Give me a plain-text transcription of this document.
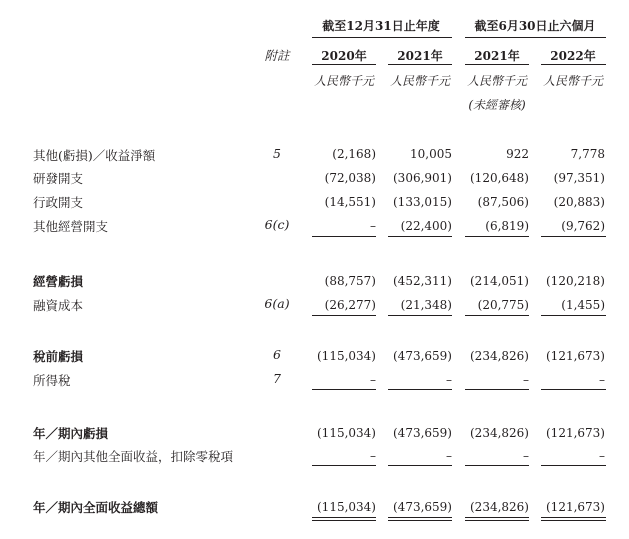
截至12月31日止年度	截至6月30日止六個月
附註	2020年	2021年	2021年	2022年
人民幣千元	人民幣千元	人民幣千元	人民幣千元
(未經審核)
其他(虧損)／收益淨額	5	(2,168)	10,005	922	7,778
研發開支	(72,038)	(306,901)	(120,648)	(97,351)
行政開支	(14,551)	(133,015)	(87,506)	(20,883)
其他經營開支	6(c)	–	(22,400)	(6,819)	(9,762)
經營虧損	(88,757)	(452,311)	(214,051)	(120,218)
融資成本	6(a)	(26,277)	(21,348)	(20,775)	(1,455)
稅前虧損	6	(115,034)	(473,659)	(234,826)	(121,673)
所得稅	7	–	–	–	–
年／期內虧損	(115,034)	(473,659)	(234,826)	(121,673)
年／期內其他全面收益，扣除零稅項	–	–	–	–
年／期內全面收益總額	(115,034)	(473,659)	(234,826)	(121,673)
